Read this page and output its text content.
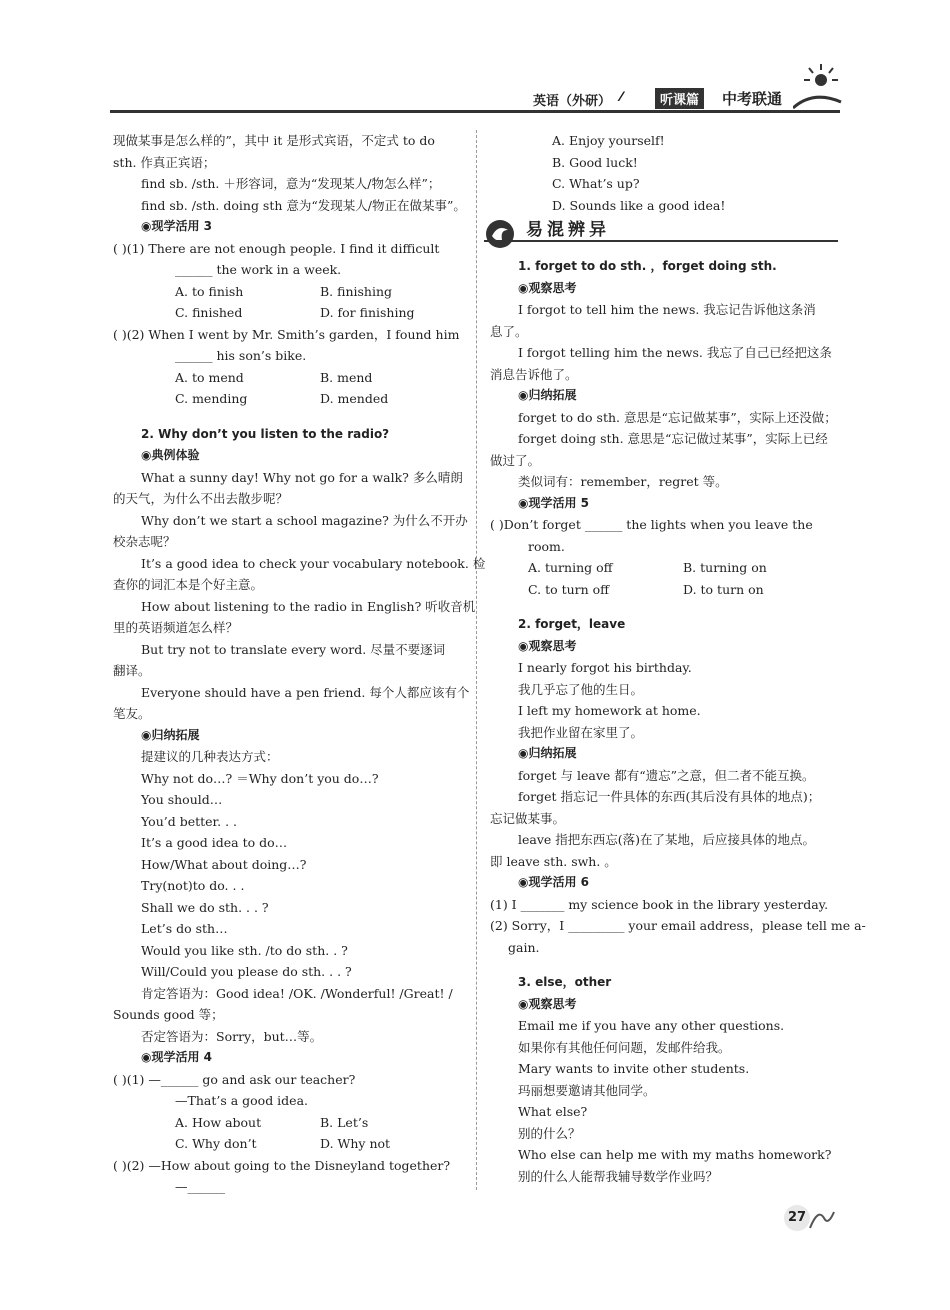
英语（外研） ⁄⁄⁄⁄	听课篇	中考联通
现做某事是怎么样的”，其中 it 是形式宾语，不定式 to do
sth. 作真正宾语；
find sb. /sth. ＋形容词，意为“发现某人/物怎么样”；
find sb. /sth. doing sth 意为“发现某人/物正在做某事”。
◉现学活用 3
( )(1) There are not enough people. I find it difficult
______ the work in a week.
A. to finish	B. finishing
C. finished	D. for finishing
( )(2) When I went by Mr. Smith’s garden，I found him
______ his son’s bike.
A. to mend	B. mend
C. mending	D. mended
2. Why don’t you listen to the radio?
◉典例体验
What a sunny day! Why not go for a walk? 多么晴朗
的天气，为什么不出去散步呢？
Why don’t we start a school magazine? 为什么不开办
校杂志呢？
It’s a good idea to check your vocabulary notebook. 检
查你的词汇本是个好主意。
How about listening to the radio in English? 听收音机
里的英语频道怎么样？
But try not to translate every word. 尽量不要逐词
翻译。
Everyone should have a pen friend. 每个人都应该有个
笔友。
◉归纳拓展
提建议的几种表达方式：
Why not do…? ＝Why don’t you do…?
You should…
You’d better. . .
It’s a good idea to do…
How/What about doing…?
Try(not)to do. . .
Shall we do sth. . . ?
Let’s do sth…
Would you like sth. /to do sth. . ?
Will/Could you please do sth. . . ?
肯定答语为：Good idea! /OK. /Wonderful! /Great! /
Sounds good 等；
否定答语为：Sorry，but…等。
◉现学活用 4
( )(1) —______ go and ask our teacher?
—That’s a good idea.
A. How about	B. Let’s
C. Why don’t	D. Why not
( )(2) —How about going to the Disneyland together?
—______
A. Enjoy yourself!
B. Good luck!
C. What’s up?
D. Sounds like a good idea!
易混辨异
1. forget to do sth. ，forget doing sth.
◉观察思考
I forgot to tell him the news. 我忘记告诉他这条消
息了。
I forgot telling him the news. 我忘了自己已经把这条
消息告诉他了。
◉归纳拓展
forget to do sth. 意思是“忘记做某事”，实际上还没做；
forget doing sth. 意思是“忘记做过某事”，实际上已经
做过了。
类似词有：remember，regret 等。
◉现学活用 5
( )Don’t forget ______ the lights when you leave the
room.
A. turning off	B. turning on
C. to turn off	D. to turn on
2. forget，leave
◉观察思考
I nearly forgot his birthday.
我几乎忘了他的生日。
I left my homework at home.
我把作业留在家里了。
◉归纳拓展
forget 与 leave 都有“遗忘”之意，但二者不能互换。
forget 指忘记一件具体的东西(其后没有具体的地点)；
忘记做某事。
leave 指把东西忘(落)在了某地，后应接具体的地点。
即 leave sth. swh. 。
◉现学活用 6
(1) I _______ my science book in the library yesterday.
(2) Sorry，I _________ your email address，please tell me a-
gain.
3. else，other
◉观察思考
Email me if you have any other questions.
如果你有其他任何问题，发邮件给我。
Mary wants to invite other students.
玛丽想要邀请其他同学。
What else?
别的什么？
Who else can help me with my maths homework?
别的什么人能帮我辅导数学作业吗？
27
